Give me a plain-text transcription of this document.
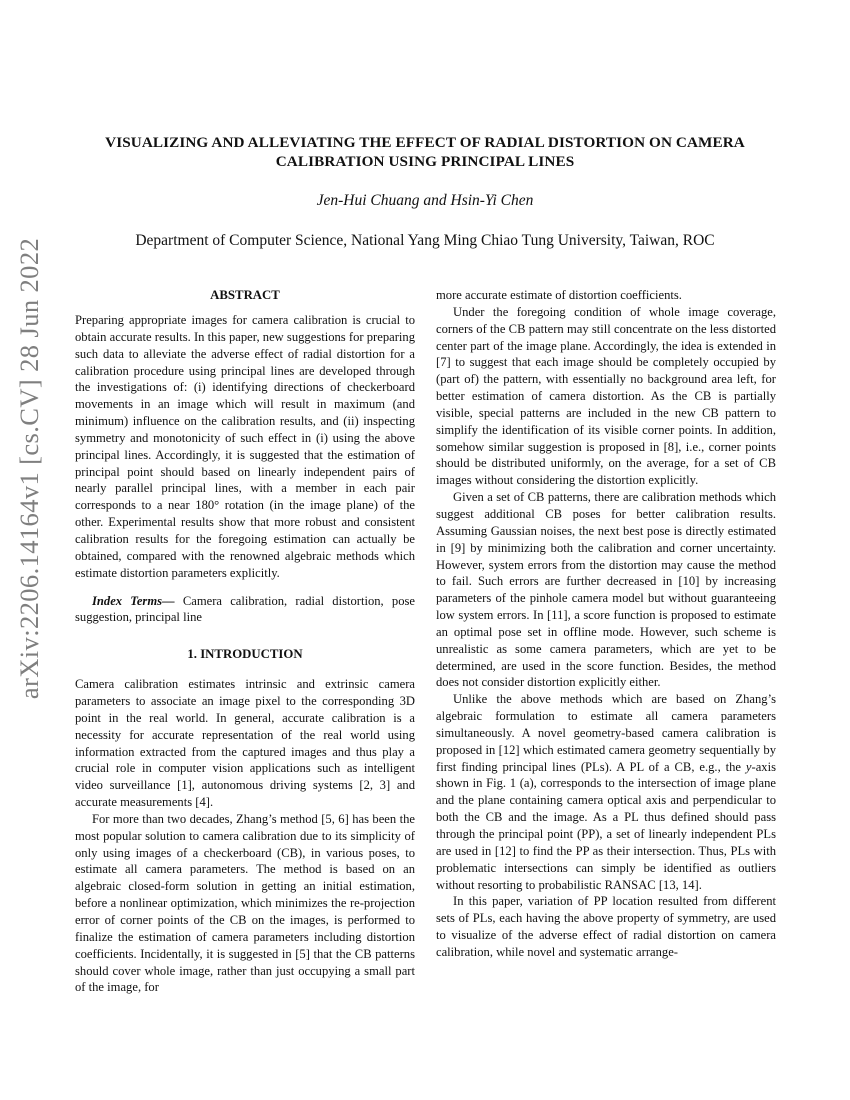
VISUALIZING AND ALLEVIATING THE EFFECT OF RADIAL DISTORTION ON CAMERA CALIBRATION USING PRINCIPAL LINES
Jen-Hui Chuang and Hsin-Yi Chen
Department of Computer Science, National Yang Ming Chiao Tung University, Taiwan, ROC
arXiv:2206.14164v1 [cs.CV] 28 Jun 2022	ABSTRACT

Preparing appropriate images for camera calibration is crucial to obtain accurate results. In this paper, new suggestions for preparing such data to alleviate the adverse effect of radial distortion for a calibration procedure using principal lines are developed through the investigations of: (i) identifying directions of checkerboard movements in an image which will result in maximum (and minimum) influence on the calibration results, and (ii) inspecting symmetry and monotonicity of such effect in (i) using the above principal lines. Accordingly, it is suggested that the estimation of principal point should based on linearly independent pairs of nearly parallel principal lines, with a member in each pair corresponds to a near 180° rotation (in the image plane) of the other. Experimental results show that more robust and consistent calibration results for the foregoing estimation can actually be obtained, compared with the renowned algebraic methods which estimate distortion parameters explicitly.

Index Terms— Camera calibration, radial distortion, pose suggestion, principal line

1. INTRODUCTION

Camera calibration estimates intrinsic and extrinsic camera parameters to associate an image pixel to the corresponding 3D point in the real world. In general, accurate calibration is a necessity for accurate representation of the real world using information extracted from the captured images and thus play a crucial role in computer vision applications such as intelligent video surveillance [1], autonomous driving systems [2, 3] and accurate measurements [4].

For more than two decades, Zhang’s method [5, 6] has been the most popular solution to camera calibration due to its simplicity of only using images of a checkerboard (CB), in various poses, to estimate all camera parameters. The method is based on an algebraic closed-form solution in getting an initial estimation, before a nonlinear optimization, which minimizes the re-projection error of corner points of the CB on the images, is performed to finalize the estimation of camera parameters including distortion coefficients. Incidentally, it is suggested in [5] that the CB patterns should cover whole image, rather than just occupying a small part of the image, for

more accurate estimate of distortion coefficients.

Under the foregoing condition of whole image coverage, corners of the CB pattern may still concentrate on the less distorted center part of the image plane. Accordingly, the idea is extended in [7] to suggest that each image should be completely occupied by (part of) the pattern, with essentially no background area left, for better estimation of camera distortion. As the CB is partially visible, special patterns are included in the new CB pattern to simplify the identification of its visible corner points. In addition, somehow similar suggestion is proposed in [8], i.e., corner points should be distributed uniformly, on the average, for a set of CB images without considering the distortion explicitly.

Given a set of CB patterns, there are calibration methods which suggest additional CB poses for better calibration results. Assuming Gaussian noises, the next best pose is directly estimated in [9] by minimizing both the calibration and corner uncertainty. However, system errors from the distortion may cause the method to fail. Such errors are further decreased in [10] by increasing parameters of the pinhole camera model but without guaranteeing low system errors. In [11], a score function is proposed to estimate an optimal pose set in offline mode. However, such scheme is unrealistic as some camera parameters, which are yet to be determined, are used in the score function. Besides, the method does not consider distortion explicitly either.

Unlike the above methods which are based on Zhang’s algebraic formulation to estimate all camera parameters simultaneously. A novel geometry-based camera calibration is proposed in [12] which estimated camera geometry sequentially by first finding principal lines (PLs). A PL of a CB, e.g., the y-axis shown in Fig. 1 (a), corresponds to the intersection of image plane and the plane containing camera optical axis and perpendicular to both the CB and the image. As a PL thus defined should pass through the principal point (PP), a set of linearly independent PLs are used in [12] to find the PP as their intersection. Thus, PLs with problematic intersections can simply be identified as outliers without resorting to probabilistic RANSAC [13, 14].

In this paper, variation of PP location resulted from different sets of PLs, each having the above property of symmetry, are used to visualize of the adverse effect of radial distortion on camera calibration, while novel and systematic arrange-
